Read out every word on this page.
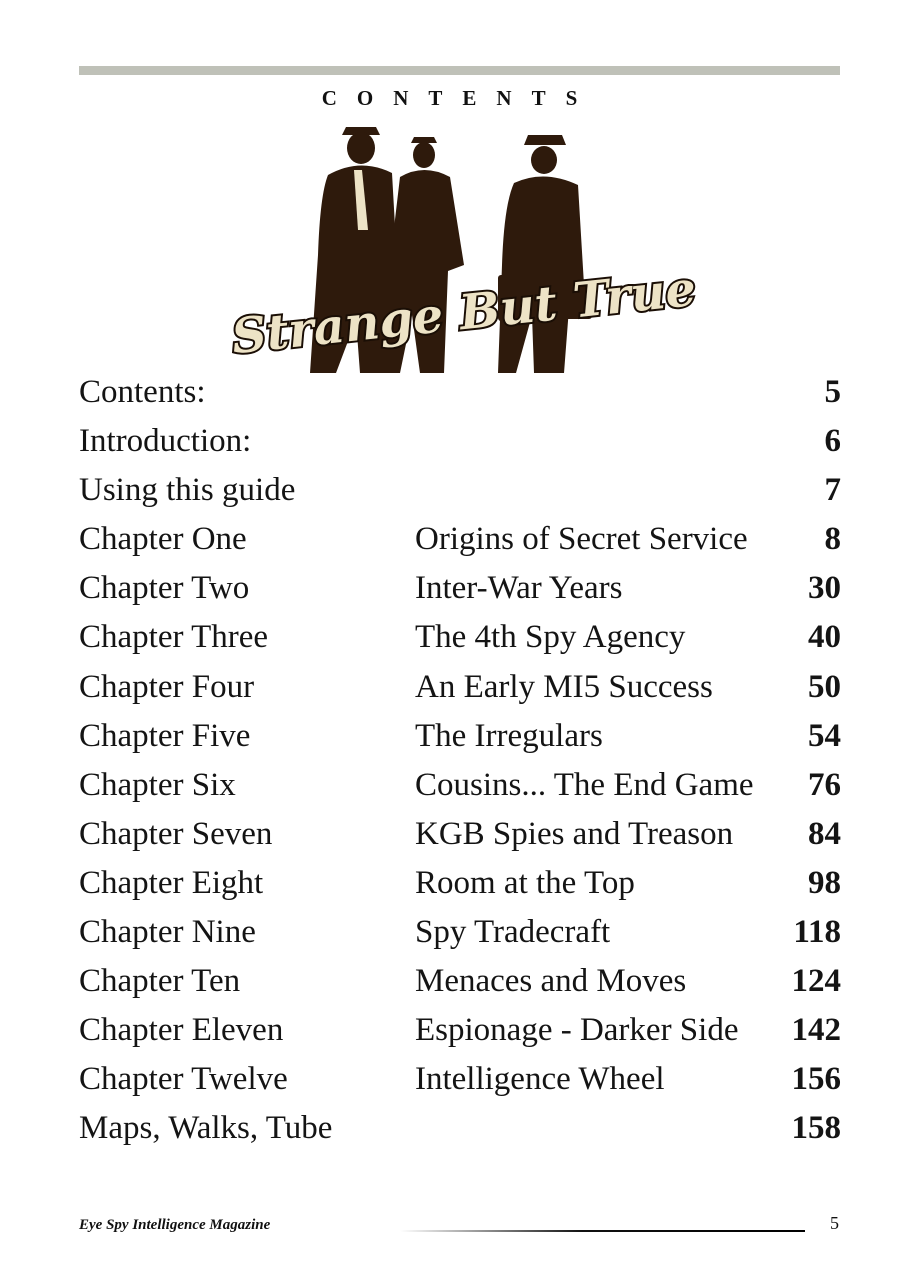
CONTENTS
Strange But True
Contents:	5
Introduction:	6
Using this guide	7
Chapter One	Origins of Secret Service 8
Chapter Two	Inter-War Years	30
Chapter Three	The 4th Spy Agency	40
Chapter Four	An Early MI5 Success	50
Chapter Five	The Irregulars	54
Chapter Six	Cousins... The End Game 76
Chapter Seven	KGB Spies and Treason 84
Chapter Eight	Room at the Top	98
Chapter Nine	Spy Tradecraft	118
Chapter Ten	Menaces and Moves	124
Chapter Eleven	Espionage - Darker Side 142
Chapter Twelve	Intelligence Wheel	156
Maps, Walks, Tube	158
Eye Spy Intelligence Magazine	5
